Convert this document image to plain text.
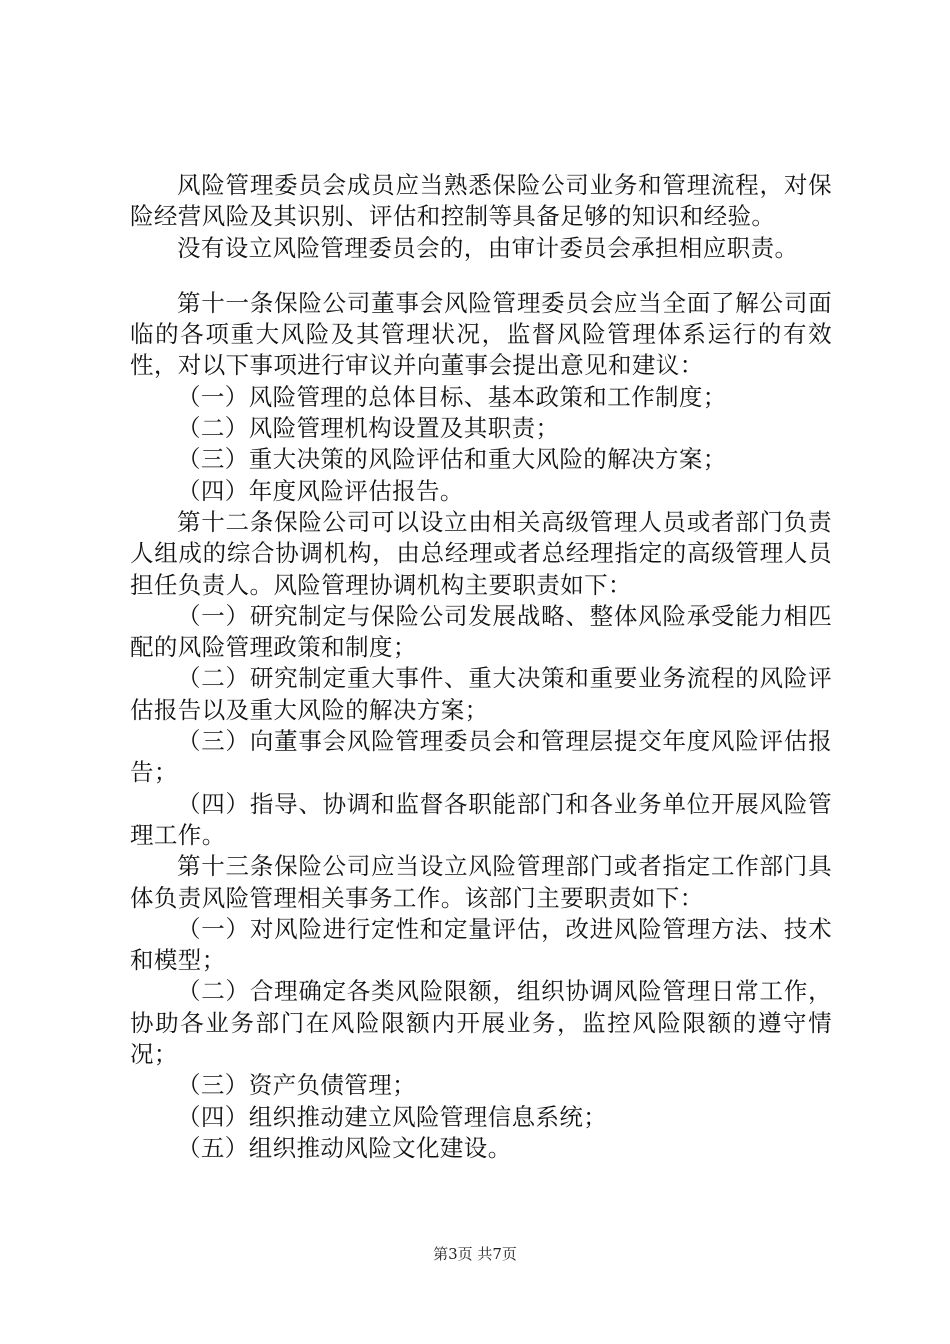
风险管理委员会成员应当熟悉保险公司业务和管理流程，对保险经营风险及其识别、评估和控制等具备足够的知识和经验。

没有设立风险管理委员会的，由审计委员会承担相应职责。

第十一条保险公司董事会风险管理委员会应当全面了解公司面临的各项重大风险及其管理状况，监督风险管理体系运行的有效性，对以下事项进行审议并向董事会提出意见和建议：

（一）风险管理的总体目标、基本政策和工作制度；

（二）风险管理机构设置及其职责；

（三）重大决策的风险评估和重大风险的解决方案；

（四）年度风险评估报告。

第十二条保险公司可以设立由相关高级管理人员或者部门负责人组成的综合协调机构，由总经理或者总经理指定的高级管理人员担任负责人。风险管理协调机构主要职责如下：

（一）研究制定与保险公司发展战略、整体风险承受能力相匹配的风险管理政策和制度；

（二）研究制定重大事件、重大决策和重要业务流程的风险评估报告以及重大风险的解决方案；

（三）向董事会风险管理委员会和管理层提交年度风险评估报告；

（四）指导、协调和监督各职能部门和各业务单位开展风险管理工作。

第十三条保险公司应当设立风险管理部门或者指定工作部门具体负责风险管理相关事务工作。该部门主要职责如下：

（一）对风险进行定性和定量评估，改进风险管理方法、技术和模型；

（二）合理确定各类风险限额，组织协调风险管理日常工作，协助各业务部门在风险限额内开展业务，监控风险限额的遵守情况；

（三）资产负债管理；

（四）组织推动建立风险管理信息系统；

（五）组织推动风险文化建设。

第3页 共7页
